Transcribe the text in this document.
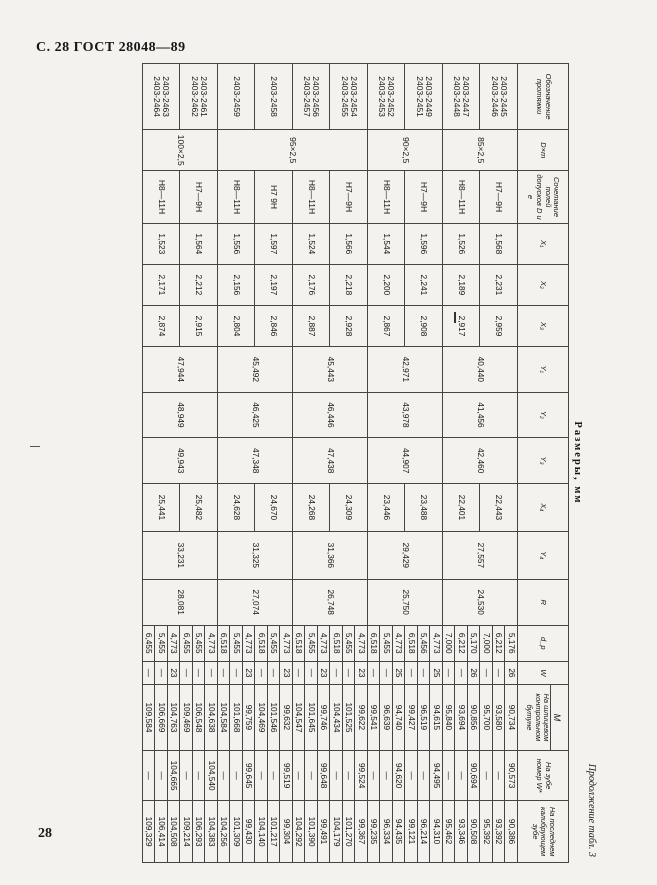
С. 28 ГОСТ 28048—89
Продолжение табл. 3
Размеры, мм
Обозначение протяжки	D×m	Сочетание полей допусков D и e	X₁	X₂	X₃	Y₁	Y₂	Y₃	X₄	Y₄	R	d_p	W	М
На шлицевом контрольном бутуне	На зубе номер W*	На последнем калибрующем зубе
2403-2445
2403-2446	85×2,5	H7—9H	1,568	2,231	2,959	40,440	41,456	42,460	22,443	27,557	24,530	5,176	26	90,734	90,573	90,386
												6,212	—	93,580	—	93,392
												7,000	—	95,700	—	95,392
2403-2447
2403-2448		H8—11H	1,526	2,189	2,917				22,401			5,170	26	90,856	90,694	90,508
												6,212	—	93,694	—	93,346
												7,000	—	95,840	—	95,462
2403-2449
2403-2451	90×2,5	H7—9H	1,596	2,241	2,908	42,971	43,978	44,907	23,488	29,429	25,750	4,773	25	94,615	94,495	94,310
												5,456	—	96,519	—	96,214
												6,518	—	99,427	—	99,121
2403-2452
2403-2453		H8—11H	1,544	2,200	2,867				23,446			4,773	25	94,740	94,620	94,435
												5,455	—	96,639	—	96,334
												6,518	—	99,541	—	99,235
2403-2454
2403-2455	95×2,5	H7—9H	1,566	2,218	2,928	45,443	46,446	47,438	24,309	31,366	26,748	4,773	23	99,622	99,524	99,367
												5,455	—	101,525	—	101,270
												6,518	—	104,434	—	104,179
2403-2456
2403-2457		H8—11H	1,524	2,176	2,887				24,268			4,773	23	99,746	99,648	99,491
												5,455	—	101,645	—	101,390
												6,518	—	104,547	—	104,292
2403-2458		H7 9H	1,597	2,197	2,846	45,492	46,425	47,348	24,670	31,325	27,074	4,773	23	99,632	99,519	99,304
												5,455	—	101,546	—	101,217
												6,518	—	104,469	—	104,140
2403-2459		H8—11H	1,556	2,156	2,804				24,628			4,773	23	99,759	99,645	99,430
												5,455	—	101,668	—	101,309
												6,518	—	104,584	—	104,256
2403-2461
2403-2462	100×2,5	H7—9H	1,564	2,212	2,915	47,944	48,949	49,943	25,482	33,231	28,081	4,773	—	104,638	104,540	104,383
												5,455	—	106,548	—	106,293
												6,455	—	109,469	—	109,214
2403-2463
2403-2464		H8—11H	1,523	2,171	2,874				25,441			4,773	23	104,763	104,665	104,508
												5,455	—	106,669	—	106,414
												6,455	—	109,584	—	109,329
28
